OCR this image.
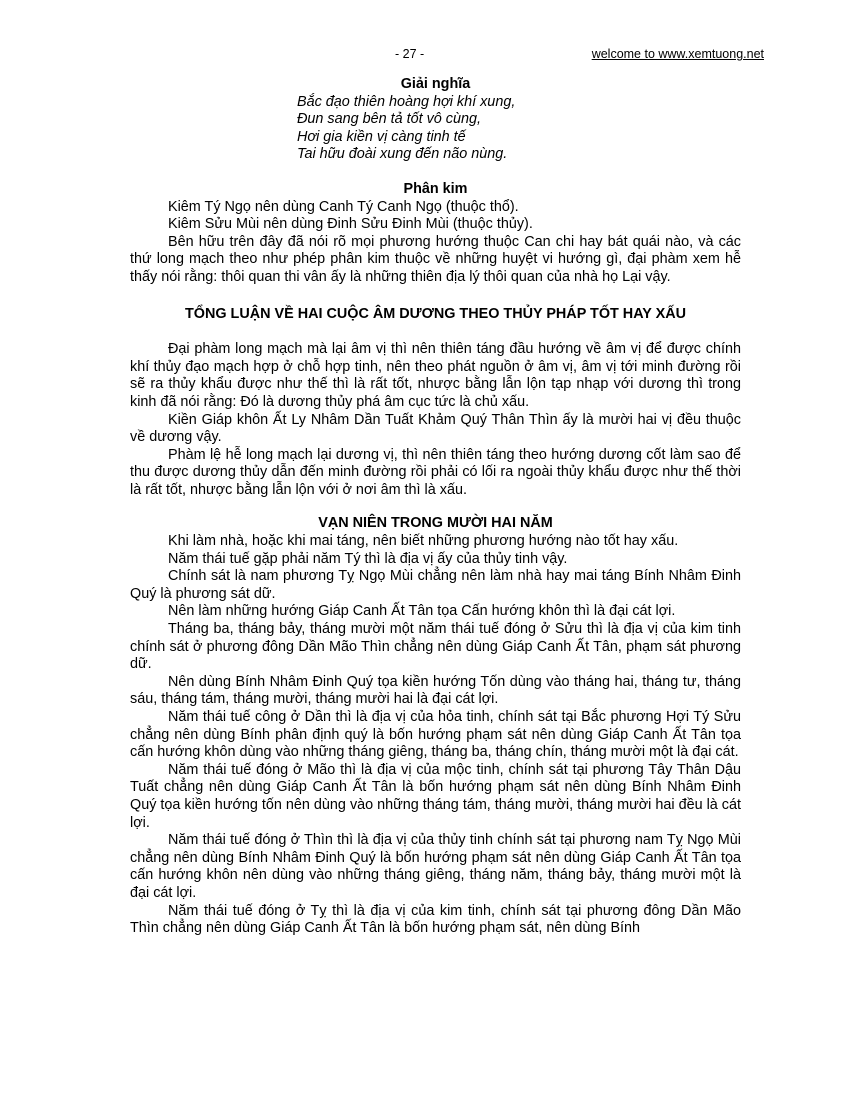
- 27 -	welcome to www.xemtuong.net
Giải nghĩa
Bắc đạo thiên hoàng hợi khí xung,
Đun sang bên tả tốt vô cùng,
Hơi gia kiền vị càng tinh tế
Tai hữu đoài xung đến não nùng.
Phân kim

Kiêm Tý Ngọ nên dùng Canh Tý Canh Ngọ (thuộc thổ).

Kiêm Sửu Mùi nên dùng Đinh Sửu Đinh Mùi (thuộc thủy).

Bên hữu trên đây đã nói rõ mọi phương hướng thuộc Can chi hay bát quái nào, và các thứ long mạch theo như phép phân kim thuộc về những huyệt vi hướng gì, đại phàm xem hễ thấy nói rằng: thôi quan thi vân ấy là những thiên địa lý thôi quan của nhà họ Lại vậy.

TỔNG LUẬN VỀ HAI CUỘC ÂM DƯƠNG THEO THỦY PHÁP TỐT HAY XẤU

Đại phàm long mạch mà lại âm vị thì nên thiên táng đầu hướng về âm vị để được chính khí thủy đạo mạch hợp ở chỗ hợp tinh, nên theo phát nguồn ở âm vị, âm vị tới minh đường rồi sẽ ra thủy khẩu được như thế thì là rất tốt, nhược bằng lẫn lộn tạp nhạp với dương thì trong kinh đã nói rằng: Đó là dương thủy phá âm cục tức là chủ xấu.

Kiền Giáp khôn Ất Ly Nhâm Dần Tuất Khảm Quý Thân Thìn ấy là mười hai vị đều thuộc về dương vậy.

Phàm lệ hễ long mạch lại dương vị, thì nên thiên táng theo hướng dương cốt làm sao để thu được dương thủy dẫn đến minh đường rồi phải có lối ra ngoài thủy khẩu được như thế thời là rất tốt, nhược bằng lẫn lộn với ở nơi âm thì là xấu.

VẠN NIÊN TRONG MƯỜI HAI NĂM

Khi làm nhà, hoặc khi mai táng, nên biết những phương hướng nào tốt hay xấu.

Năm thái tuế gặp phải năm Tý thì là địa vị ấy của thủy tinh vậy.

Chính sát là nam phương Tỵ Ngọ Mùi chẳng nên làm nhà hay mai táng Bính Nhâm Đinh Quý là phương sát dữ.

Nên làm những hướng Giáp Canh Ất Tân tọa Cấn hướng khôn thì là đại cát lợi.

Tháng ba, tháng bảy, tháng mười một năm thái tuế đóng ở Sửu thì là địa vị của kim tinh chính sát ở phương đông Dần Mão Thìn chẳng nên dùng Giáp Canh Ất Tân, phạm sát phương dữ.

Nên dùng Bính Nhâm Đinh Quý tọa kiền hướng Tốn dùng vào tháng hai, tháng tư, tháng sáu, tháng tám, tháng mười, tháng mười hai là đại cát lợi.

Năm thái tuế công ở Dần thì là địa vị của hỏa tinh, chính sát tại Bắc phương Hợi Tý Sửu chẳng nên dùng Bính phân định quý là bốn hướng phạm sát nên dùng Giáp Canh Ất Tân tọa cấn hướng khôn dùng vào những tháng giêng, tháng ba, tháng chín, tháng mười một là đại cát.

Năm thái tuế đóng ở Mão thì là địa vị của mộc tinh, chính sát tại phương Tây Thân Dậu Tuất chẳng nên dùng Giáp Canh Ất Tân là bốn hướng phạm sát nên dùng Bính Nhâm Đinh Quý tọa kiền hướng tốn nên dùng vào những tháng tám, tháng mười, tháng mười hai đều là cát lợi.

Năm thái tuế đóng ở Thìn thì là địa vị của thủy tinh chính sát tại phương nam Tỵ Ngọ Mùi chẳng nên dùng Bính Nhâm Đinh Quý là bốn hướng phạm sát nên dùng Giáp Canh Ất Tân tọa cấn hướng khôn nên dùng vào những tháng giêng, tháng năm, tháng bảy, tháng mười một là đại cát lợi.

Năm thái tuế đóng ở Tỵ thì là địa vị của kim tinh, chính sát tại phương đông Dần Mão Thìn chẳng nên dùng Giáp Canh Ất Tân là bốn hướng phạm sát, nên dùng Bính
